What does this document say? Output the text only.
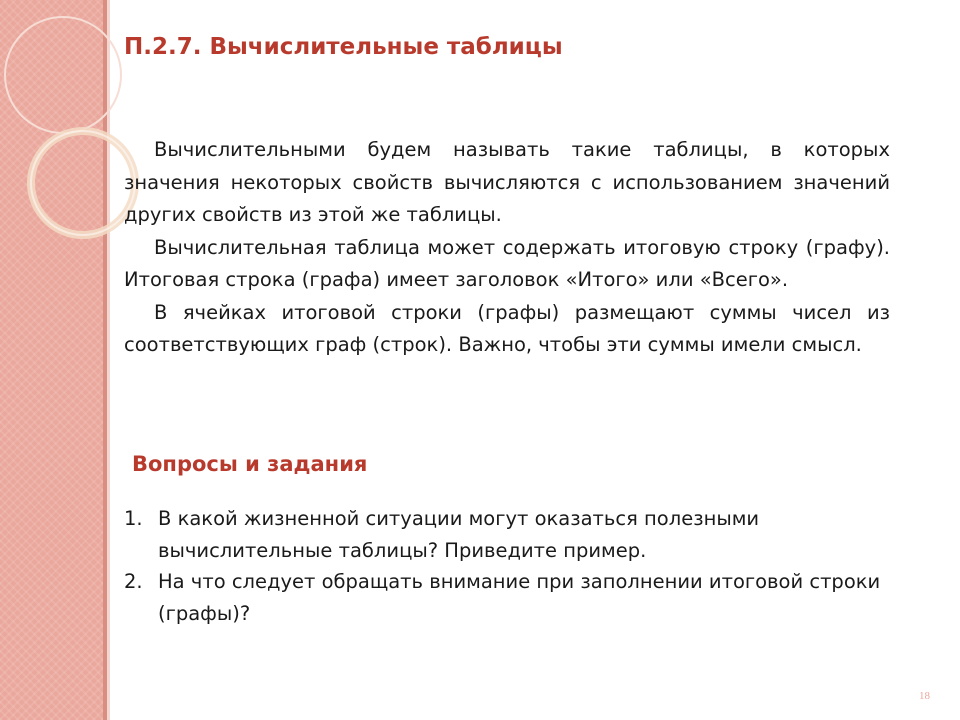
П.2.7. Вычислительные таблицы

Вычислительными будем называть такие таблицы, в которых значения некоторых свойств вычисляются с использованием значений других свойств из этой же таблицы.

Вычислительная таблица может содержать итоговую строку (графу). Итоговая строка (графа) имеет заголовок «Итого» или «Всего».

В ячейках итоговой строки (графы) размещают суммы чисел из соответствующих граф (строк). Важно, чтобы эти суммы имели смысл.

Вопросы и задания
1. В какой жизненной ситуации могут оказаться полезными вычислительные таблицы? Приведите пример.
2. На что следует обращать внимание при заполнении итоговой строки (графы)?
18
